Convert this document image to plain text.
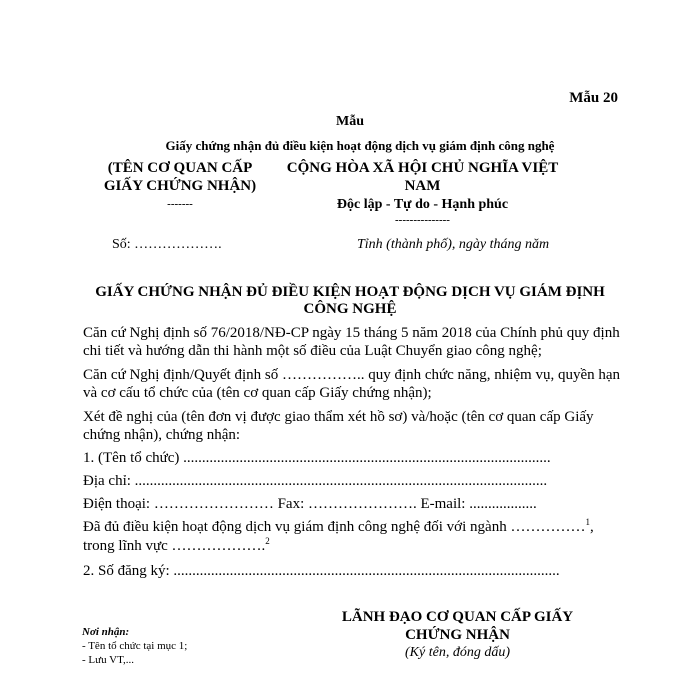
Mẫu 20
Mẫu
Giấy chứng nhận đủ điều kiện hoạt động dịch vụ giám định công nghệ
(TÊN CƠ QUAN CẤP
GIẤY CHỨNG NHẬN)
-------
CỘNG HÒA XÃ HỘI CHỦ NGHĨA VIỆT
NAM
Độc lập - Tự do - Hạnh phúc
---------------
Số: ……………….	Tỉnh (thành phố), ngày tháng năm
GIẤY CHỨNG NHẬN ĐỦ ĐIỀU KIỆN HOẠT ĐỘNG DỊCH VỤ GIÁM ĐỊNH
CÔNG NGHỆ
Căn cứ Nghị định số 76/2018/NĐ-CP ngày 15 tháng 5 năm 2018 của Chính phủ quy định
chi tiết và hướng dẫn thi hành một số điều của Luật Chuyển giao công nghệ;
Căn cứ Nghị định/Quyết định số …………….. quy định chức năng, nhiệm vụ, quyền hạn
và cơ cấu tổ chức của (tên cơ quan cấp Giấy chứng nhận);
Xét đề nghị của (tên đơn vị được giao thẩm xét hồ sơ) và/hoặc (tên cơ quan cấp Giấy
chứng nhận), chứng nhận:
1. (Tên tổ chức) ..................................................................................................
Địa chỉ: ..............................................................................................................
Điện thoại: …………………… Fax: …………………. E-mail: ..................
Đã đủ điều kiện hoạt động dịch vụ giám định công nghệ đối với ngành ……………$^1$,
trong lĩnh vực ……………….$^2$
2. Số đăng ký: .......................................................................................................
LÃNH ĐẠO CƠ QUAN CẤP GIẤY
CHỨNG NHẬN
(Ký tên, đóng dấu)
Nơi nhận:
- Tên tổ chức tại mục 1;
- Lưu VT,...
